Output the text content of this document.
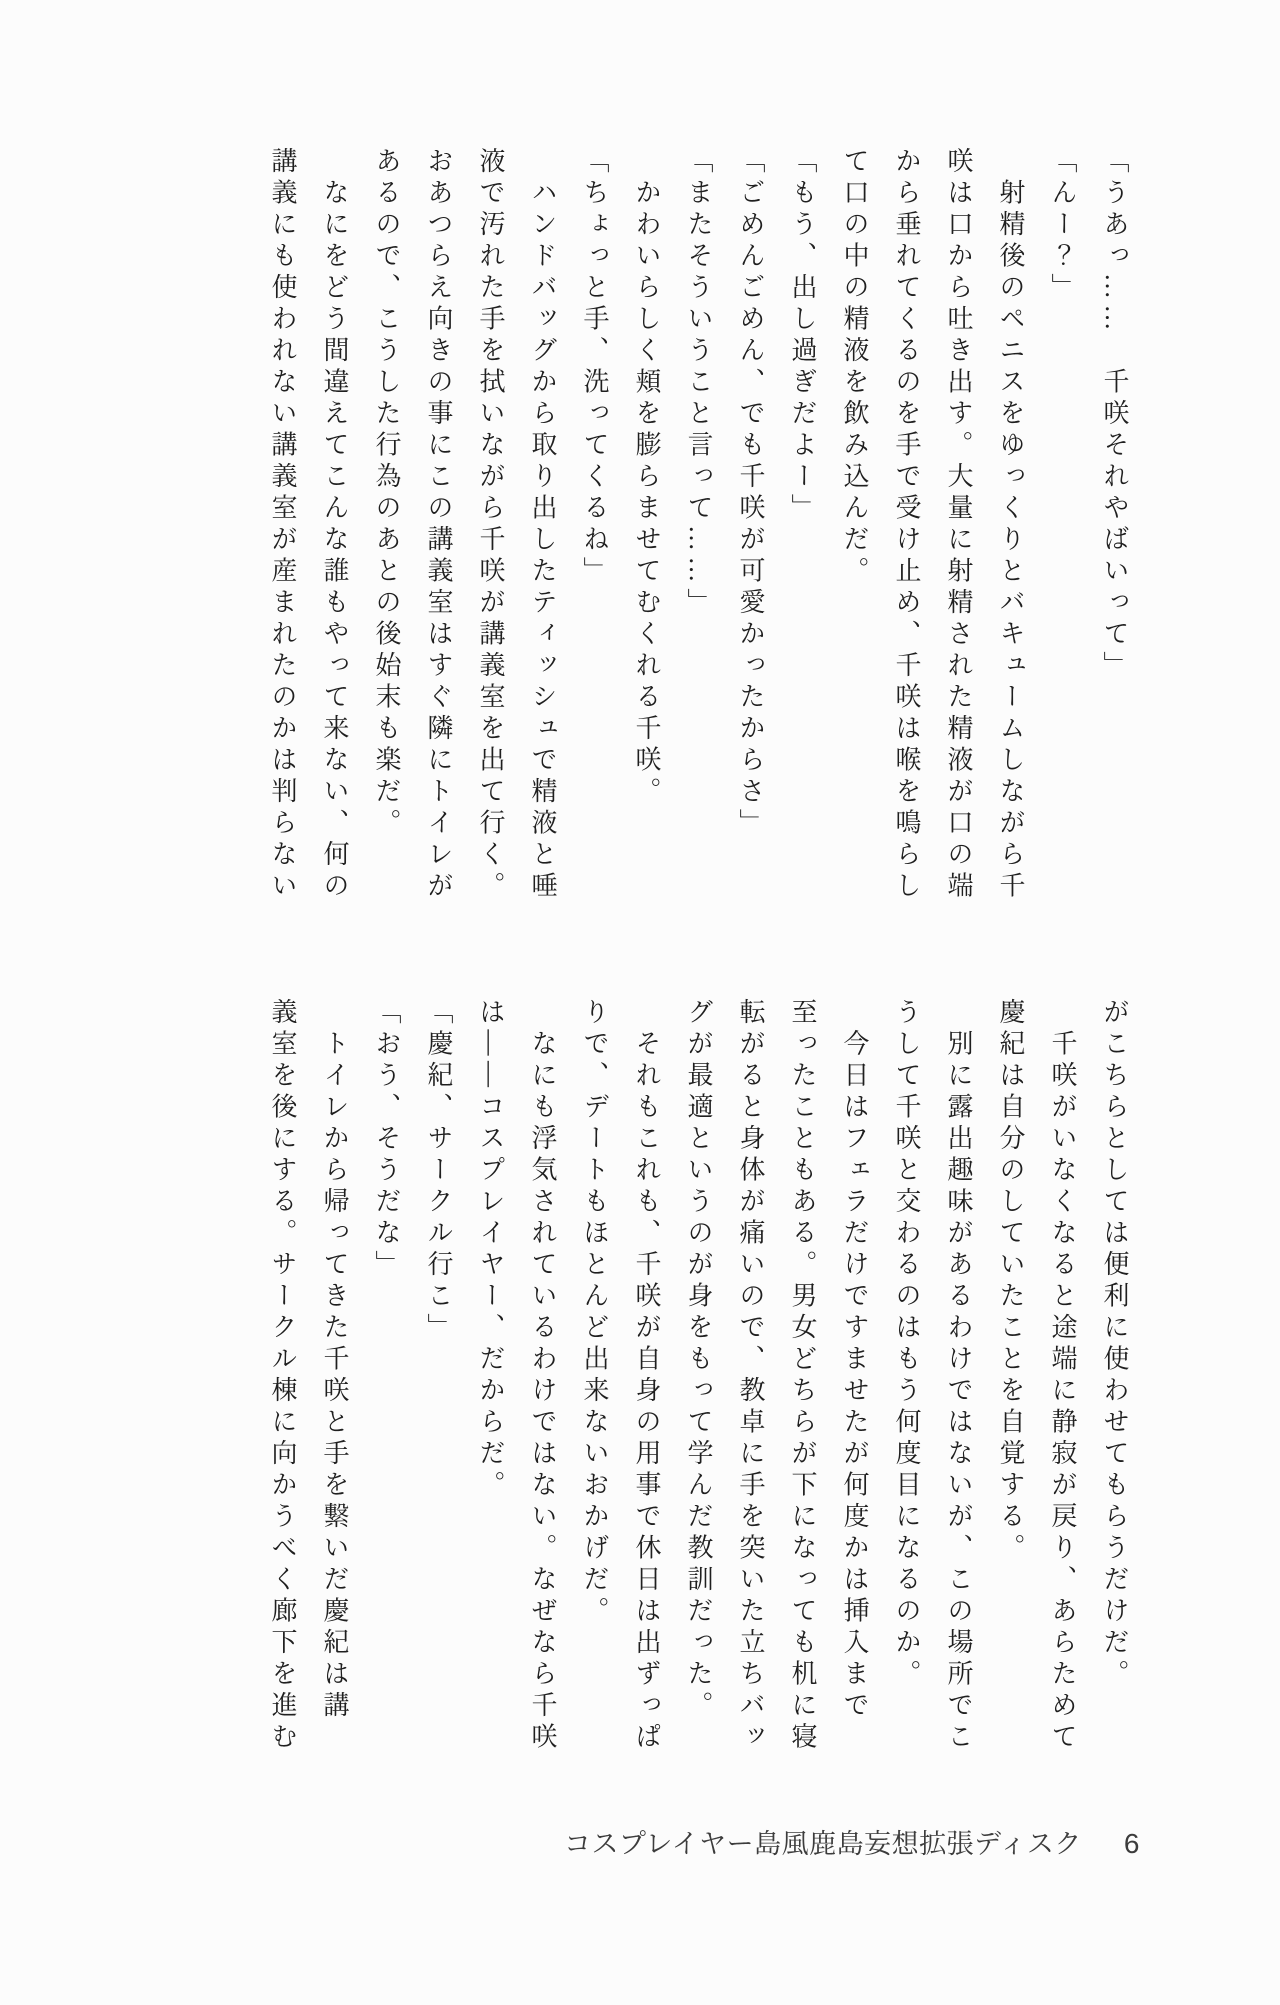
「うあっ……　千咲それやばいって」
「んー？」
　射精後のペニスをゆっくりとバキュームしながら千
咲は口から吐き出す。大量に射精された精液が口の端
から垂れてくるのを手で受け止め、千咲は喉を鳴らし
て口の中の精液を飲み込んだ。
「もう、出し過ぎだよー」
「ごめんごめん、でも千咲が可愛かったからさ」
「またそういうこと言って……」
　かわいらしく頬を膨らませてむくれる千咲。
「ちょっと手、洗ってくるね」
　ハンドバッグから取り出したティッシュで精液と唾
液で汚れた手を拭いながら千咲が講義室を出て行く。
おあつらえ向きの事にこの講義室はすぐ隣にトイレが
あるので、こうした行為のあとの後始末も楽だ。
　なにをどう間違えてこんな誰もやって来ない、何の
講義にも使われない講義室が産まれたのかは判らない
がこちらとしては便利に使わせてもらうだけだ。
　千咲がいなくなると途端に静寂が戻り、あらためて
慶紀は自分のしていたことを自覚する。
　別に露出趣味があるわけではないが、この場所でこ
うして千咲と交わるのはもう何度目になるのか。
　今日はフェラだけですませたが何度かは挿入まで
至ったこともある。男女どちらが下になっても机に寝
転がると身体が痛いので、教卓に手を突いた立ちバッ
グが最適というのが身をもって学んだ教訓だった。
　それもこれも、千咲が自身の用事で休日は出ずっぱ
りで、デートもほとんど出来ないおかげだ。
　なにも浮気されているわけではない。なぜなら千咲
は――コスプレイヤー、だからだ。
「慶紀、サークル行こ」
「おう、そうだな」
　トイレから帰ってきた千咲と手を繋いだ慶紀は講
義室を後にする。サークル棟に向かうべく廊下を進む
コスプレイヤー島風鹿島妄想拡張ディスク 6
